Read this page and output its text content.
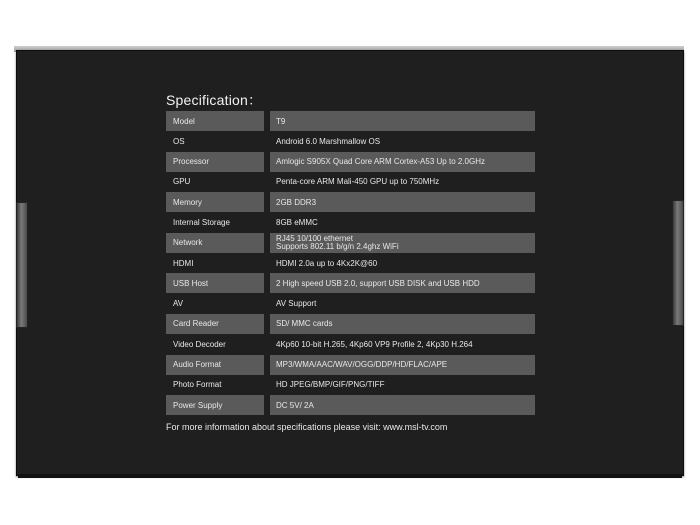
Specification：
Model	T9
OS	Android 6.0 Marshmallow OS
Processor	Amlogic S905X Quad Core ARM Cortex-A53 Up to 2.0GHz
GPU	Penta-core ARM Mali-450 GPU up to 750MHz
Memory	2GB DDR3
Internal Storage	8GB eMMC
Network	RJ45 10/100 ethernet
Supports 802.11 b/g/n 2.4ghz WiFi
HDMI	HDMI 2.0a up to 4Kx2K@60
USB Host	2 High speed USB 2.0, support USB DISK and USB HDD
AV	AV Support
Card Reader	SD/ MMC cards
Video Decoder	4Kp60 10-bit H.265, 4Kp60 VP9 Profile 2, 4Kp30 H.264
Audio Format	MP3/WMA/AAC/WAV/OGG/DDP/HD/FLAC/APE
Photo Format	HD JPEG/BMP/GIF/PNG/TIFF
Power Supply	DC 5V/ 2A
For more information about specifications please visit: www.msl-tv.com
